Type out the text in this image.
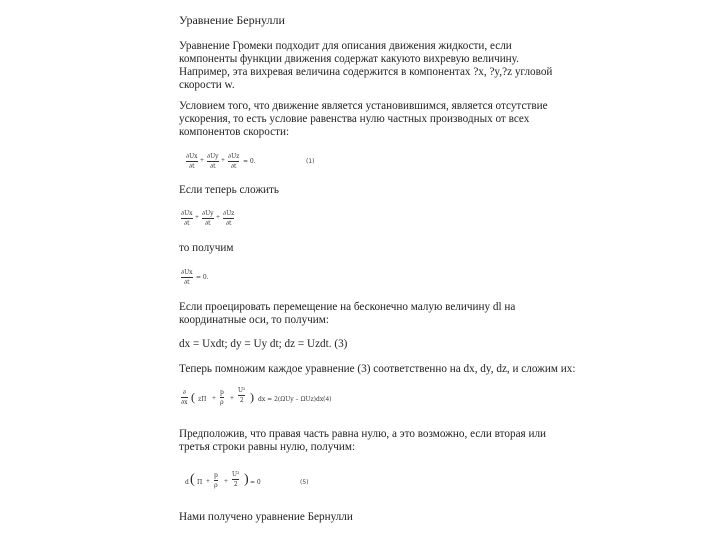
Уравнение Бернулли

Уравнение Громеки подходит для описания движения жидкости, если

компоненты функции движения содержат какуюто вихревую величину.

Например, эта вихревая величина содержится в компонентах ?x, ?y,?z угловой

скорости w.

Условием того, что движение является установившимся, является отсутствие

ускорения, то есть условие равенства нулю частных производных от всех

компонентов скорости:

∂Ux
∂t
+ ∂Uy
∂t
+ ∂Uz
∂t
= 0.	(1)

Если теперь сложить

∂Ux
∂t
+ ∂Uy
∂t
+ ∂Uz
∂t

то получим

∂Ux
∂t
= 0.

Если проецировать перемещение на бесконечно малую величину dl на

координатные оси, то получим:

dx = Uxdt; dy = Uy dt; dz = Uzdt. (3)

Теперь помножим каждое уравнение (3) соответственно на dx, dy, dz, и сложим их:

∂
∂x ( zП +
p
ρ
+
U²
2 ) dx = 2(ΩUy – ΩUz)dx (4)

Предположив, что правая часть равна нулю, а это возможно, если вторая или

третья строки равны нулю, получим:

d ( П +
p
ρ
+
U²
2 ) = 0	(5)

Нами получено уравнение Бернулли
